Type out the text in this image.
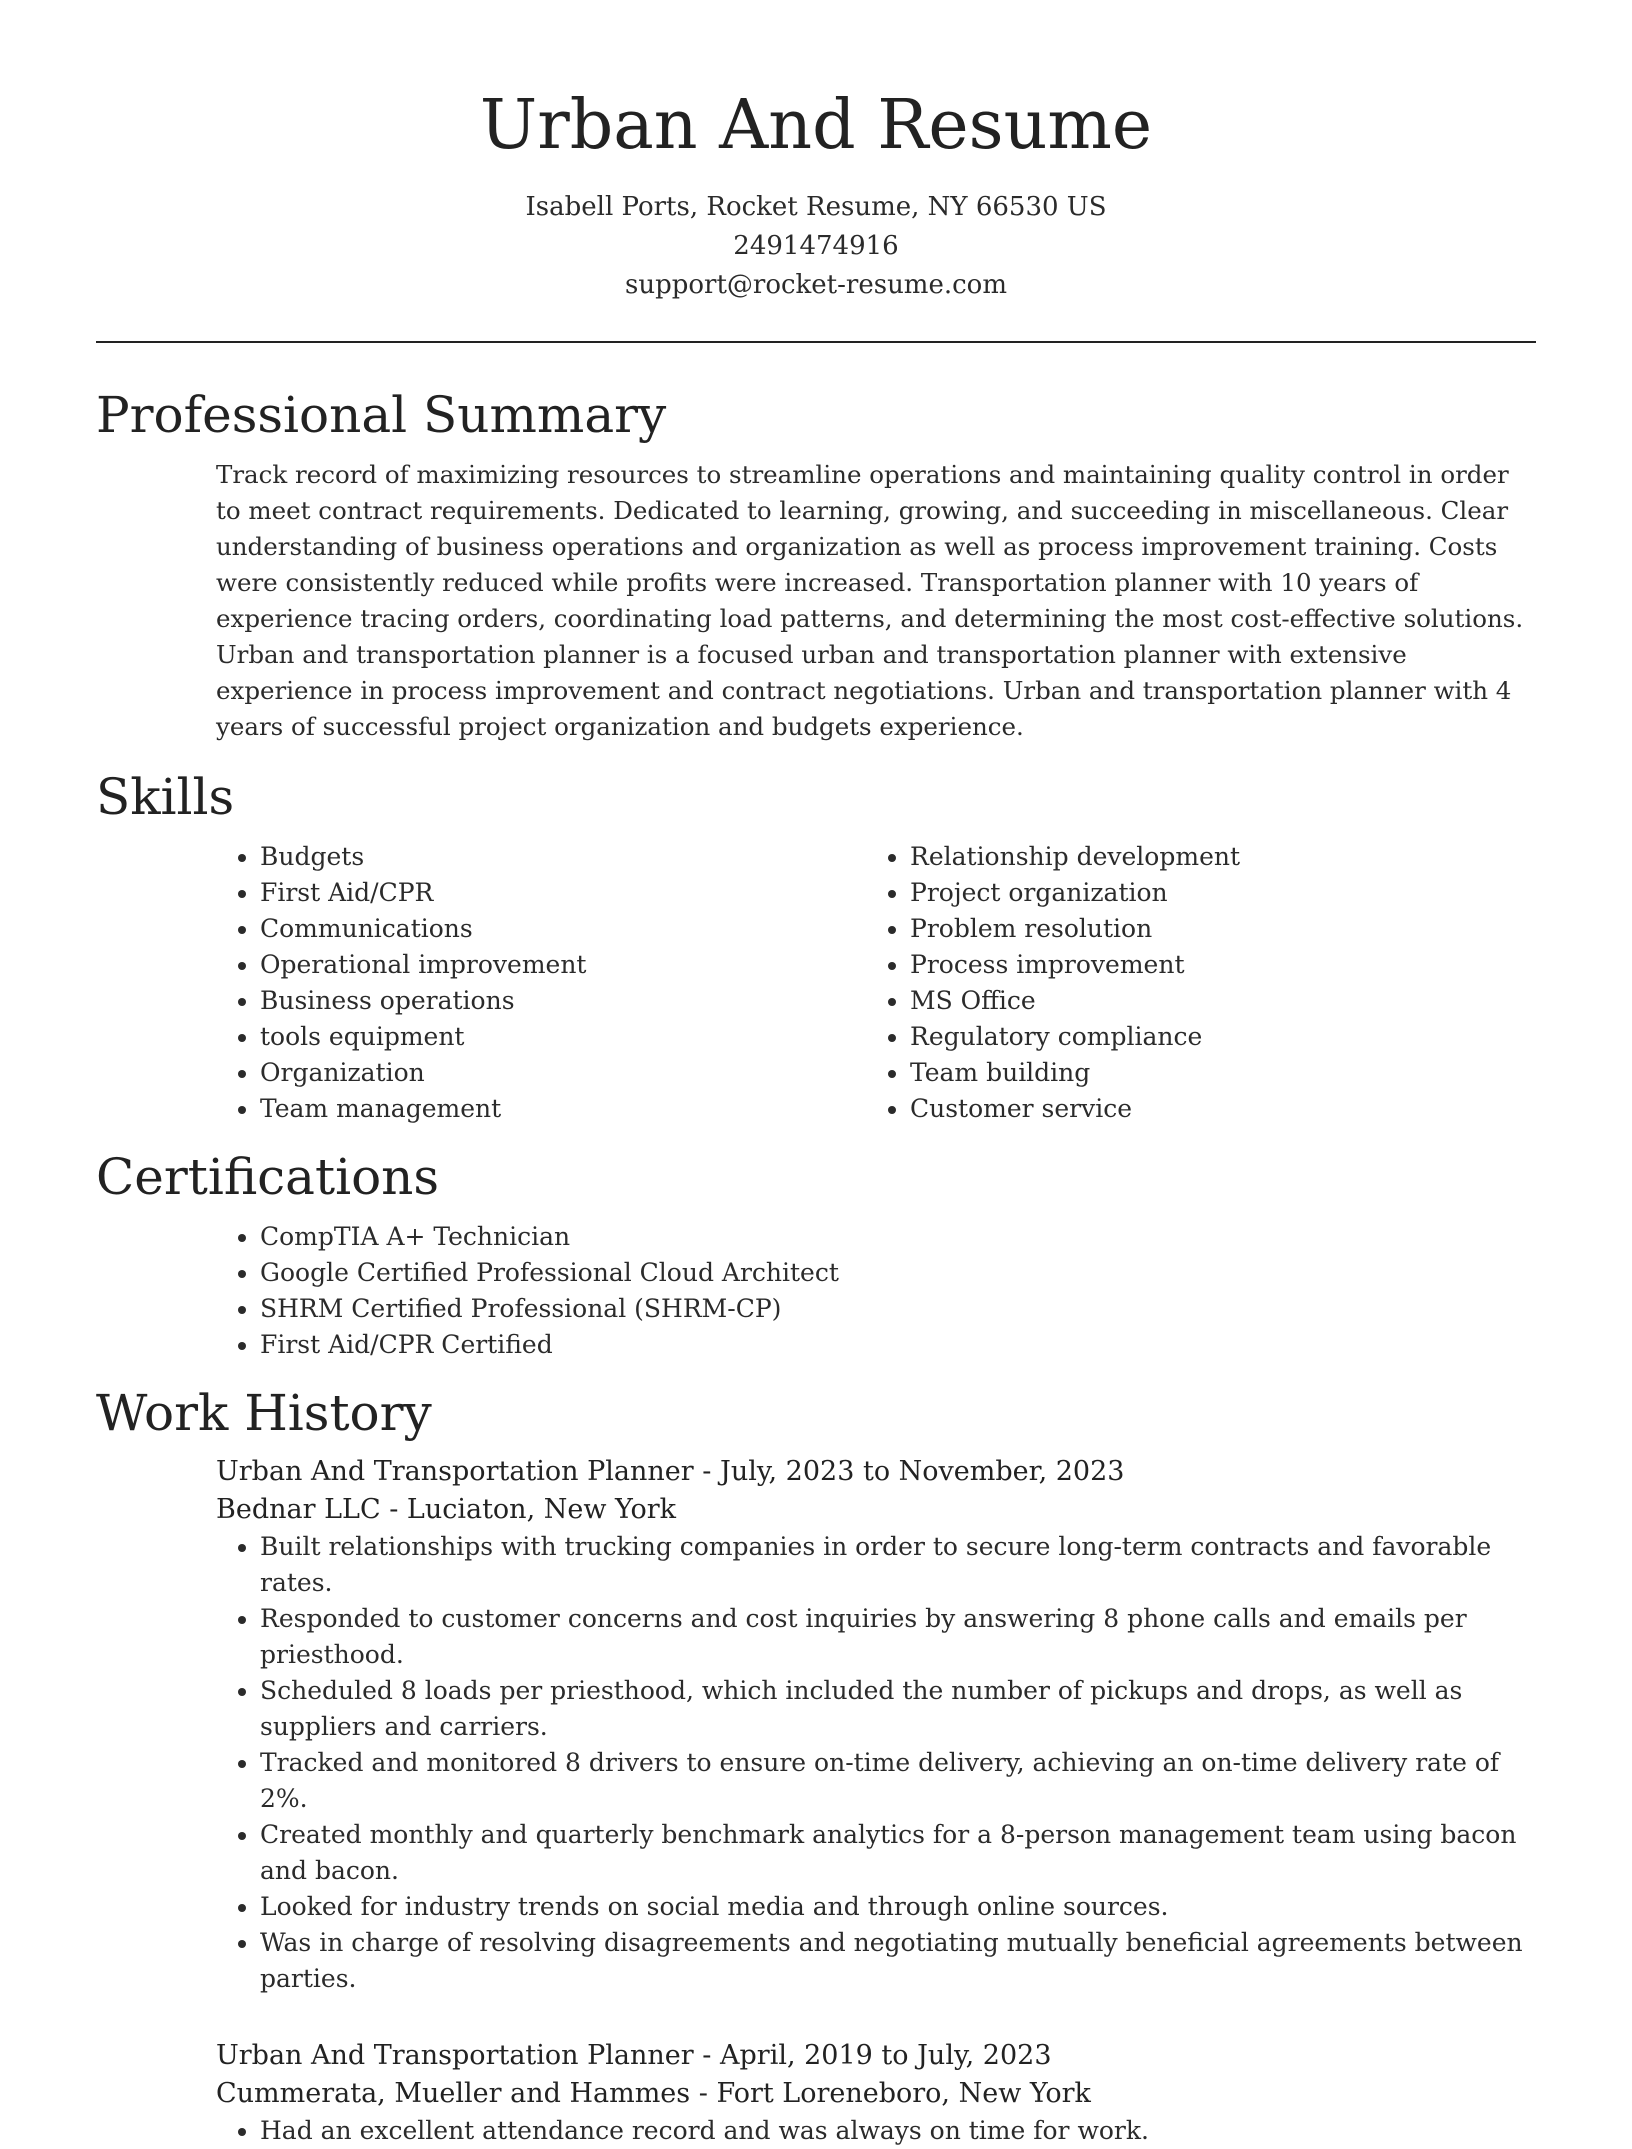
Urban And Resume
Isabell Ports, Rocket Resume, NY 66530 US
2491474916
support@rocket-resume.com
Professional Summary
Track record of maximizing resources to streamline operations and maintaining quality control in order to meet contract requirements. Dedicated to learning, growing, and succeeding in miscellaneous. Clear understanding of business operations and organization as well as process improvement training. Costs were consistently reduced while profits were increased. Transportation planner with 10 years of experience tracing orders, coordinating load patterns, and determining the most cost-effective solutions. Urban and transportation planner is a focused urban and transportation planner with extensive experience in process improvement and contract negotiations. Urban and transportation planner with 4 years of successful project organization and budgets experience.
Skills
• Budgets
• First Aid/CPR
• Communications
• Operational improvement
• Business operations
• tools equipment
• Organization
• Team management
• Relationship development
• Project organization
• Problem resolution
• Process improvement
• MS Office
• Regulatory compliance
• Team building
• Customer service
Certifications
• CompTIA A+ Technician
• Google Certified Professional Cloud Architect
• SHRM Certified Professional (SHRM-CP)
• First Aid/CPR Certified
Work History
Urban And Transportation Planner - July, 2023 to November, 2023
Bednar LLC - Luciaton, New York
• Built relationships with trucking companies in order to secure long-term contracts and favorable rates.
• Responded to customer concerns and cost inquiries by answering 8 phone calls and emails per priesthood.
• Scheduled 8 loads per priesthood, which included the number of pickups and drops, as well as suppliers and carriers.
• Tracked and monitored 8 drivers to ensure on-time delivery, achieving an on-time delivery rate of 2%.
• Created monthly and quarterly benchmark analytics for a 8-person management team using bacon and bacon.
• Looked for industry trends on social media and through online sources.
• Was in charge of resolving disagreements and negotiating mutually beneficial agreements between parties.
Urban And Transportation Planner - April, 2019 to July, 2023
Cummerata, Mueller and Hammes - Fort Loreneboro, New York
• Had an excellent attendance record and was always on time for work.
